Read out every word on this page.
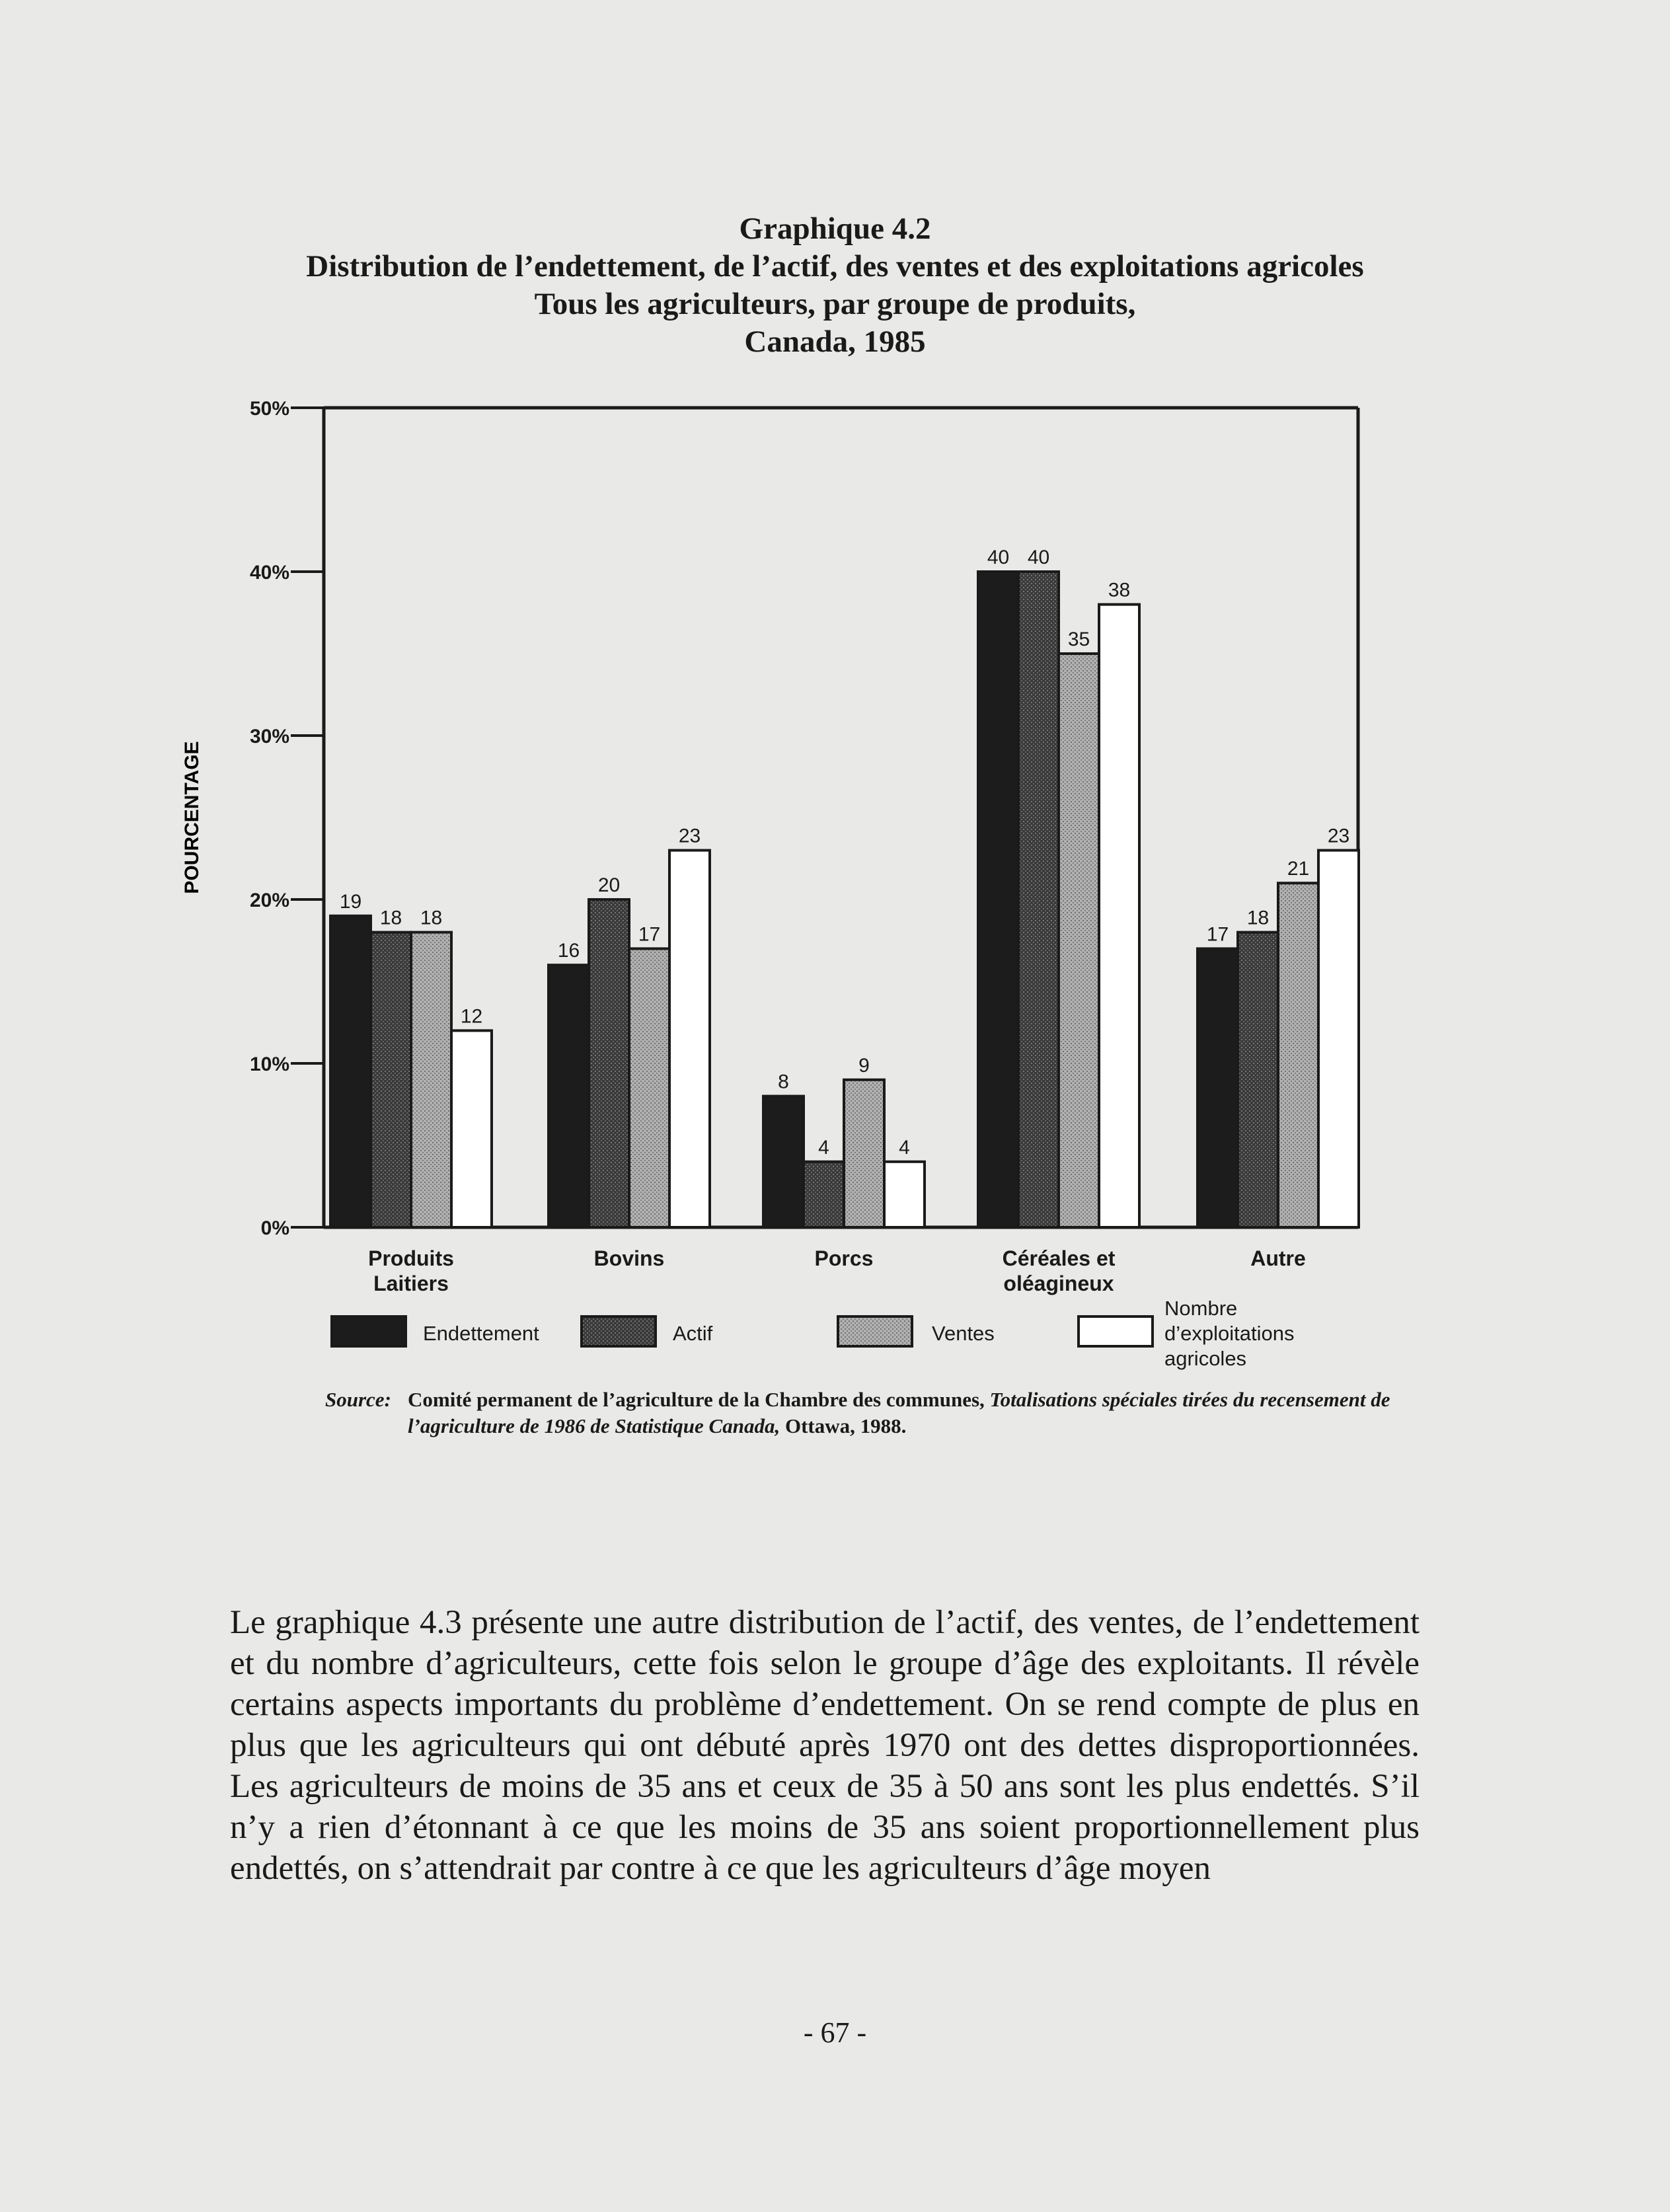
Graphique 4.2
Distribution de l’endettement, de l’actif, des ventes et des exploitations agricoles
Tous les agriculteurs, par groupe de produits,
Canada, 1985
0%
10%
20%
30%
40%
50%
19
18 18
12
16
20
17
23
8
4
9
4
40 40
35
38
17
18
21
23
Produits
Laitiers
Bovins	Porcs	Céréales et
oléagineux
Autre
Endettement	Actif	Ventes
Nombre
d’exploitations
agricoles
POURCENTAGE
Source: Comité permanent de l’agriculture de la Chambre des communes, Totalisations spéciales tirées du recensement de l’agriculture de 1986 de Statistique Canada, Ottawa, 1988.
Le graphique 4.3 présente une autre distribution de l’actif, des ventes, de l’endettement et du nombre d’agriculteurs, cette fois selon le groupe d’âge des exploitants. Il révèle certains aspects importants du problème d’endettement. On se rend compte de plus en plus que les agriculteurs qui ont débuté après 1970 ont des dettes disproportionnées. Les agriculteurs de moins de 35 ans et ceux de 35 à 50 ans sont les plus endettés. S’il n’y a rien d’étonnant à ce que les moins de 35 ans soient proportionnellement plus endettés, on s’attendrait par contre à ce que les agriculteurs d’âge moyen
- 67 -
